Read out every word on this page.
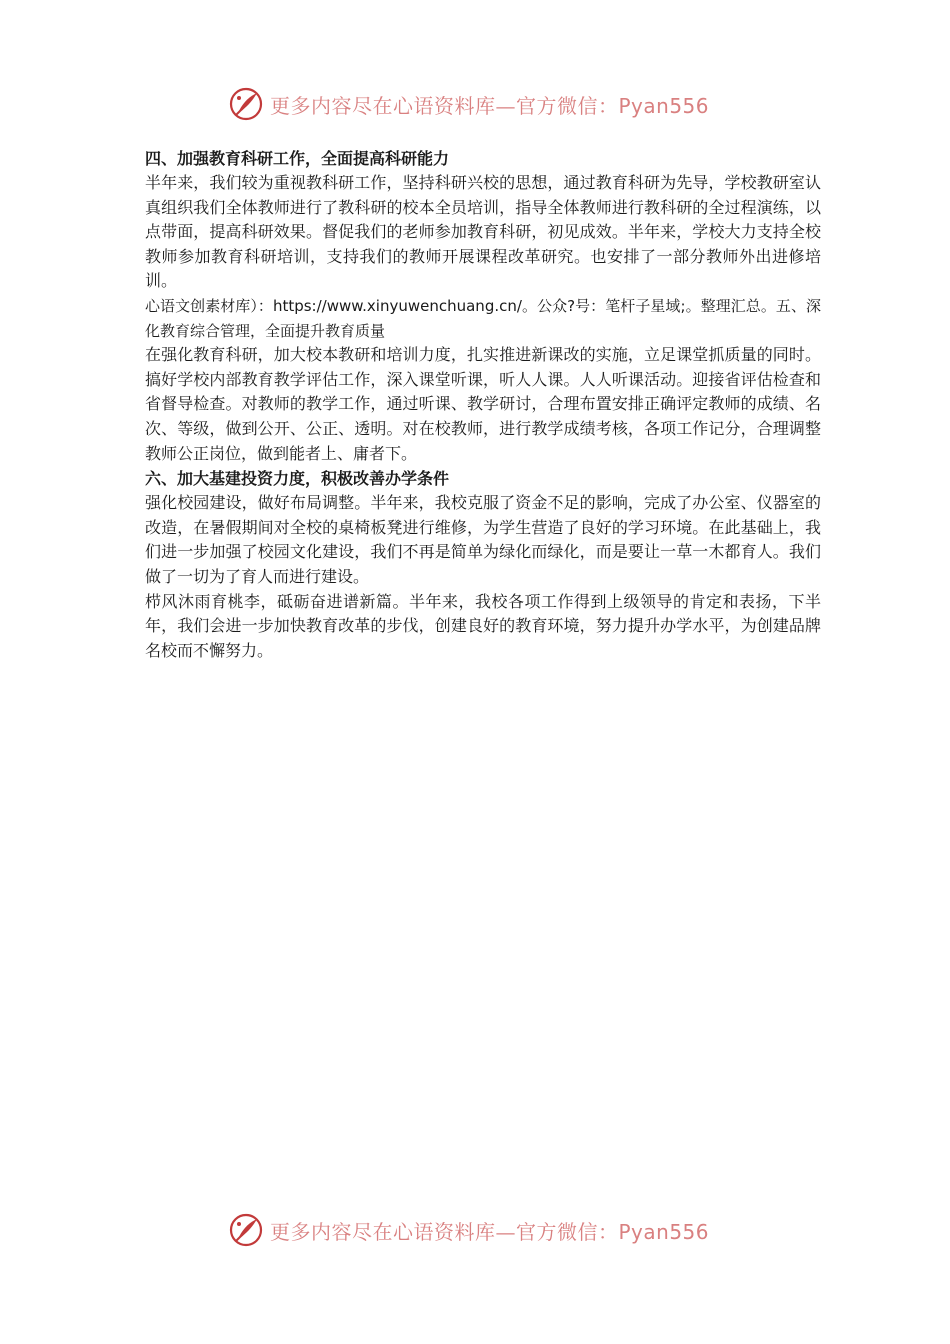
更多内容尽在心语资料库—官方微信：Pyan556

四、加强教育科研工作，全面提高科研能力

半年来，我们较为重视教科研工作，坚持科研兴校的思想，通过教育科研为先导，学校教研室认真组织我们全体教师进行了教科研的校本全员培训，指导全体教师进行教科研的全过程演练，以点带面，提高科研效果。督促我们的老师参加教育科研，初见成效。半年来，学校大力支持全校教师参加教育科研培训，支持我们的教师开展课程改革研究。也安排了一部分教师外出进修培训。

心语文创素材库）：https://www.xinyuwenchuang.cn/。公众?号：笔杆子星域;。整理汇总。五、深化教育综合管理，全面提升教育质量

在强化教育科研，加大校本教研和培训力度，扎实推进新课改的实施，立足课堂抓质量的同时。搞好学校内部教育教学评估工作，深入课堂听课，听人人课。人人听课活动。迎接省评估检查和省督导检查。对教师的教学工作，通过听课、教学研讨，合理布置安排正确评定教师的成绩、名次、等级，做到公开、公正、透明。对在校教师，进行教学成绩考核，各项工作记分，合理调整教师公正岗位，做到能者上、庸者下。

六、加大基建投资力度，积极改善办学条件

强化校园建设，做好布局调整。半年来，我校克服了资金不足的影响，完成了办公室、仪器室的改造，在暑假期间对全校的桌椅板凳进行维修，为学生营造了良好的学习环境。在此基础上，我们进一步加强了校园文化建设，我们不再是简单为绿化而绿化，而是要让一草一木都育人。我们做了一切为了育人而进行建设。

栉风沐雨育桃李，砥砺奋进谱新篇。半年来，我校各项工作得到上级领导的肯定和表扬，下半年，我们会进一步加快教育改革的步伐，创建良好的教育环境，努力提升办学水平，为创建品牌名校而不懈努力。

更多内容尽在心语资料库—官方微信：Pyan556
